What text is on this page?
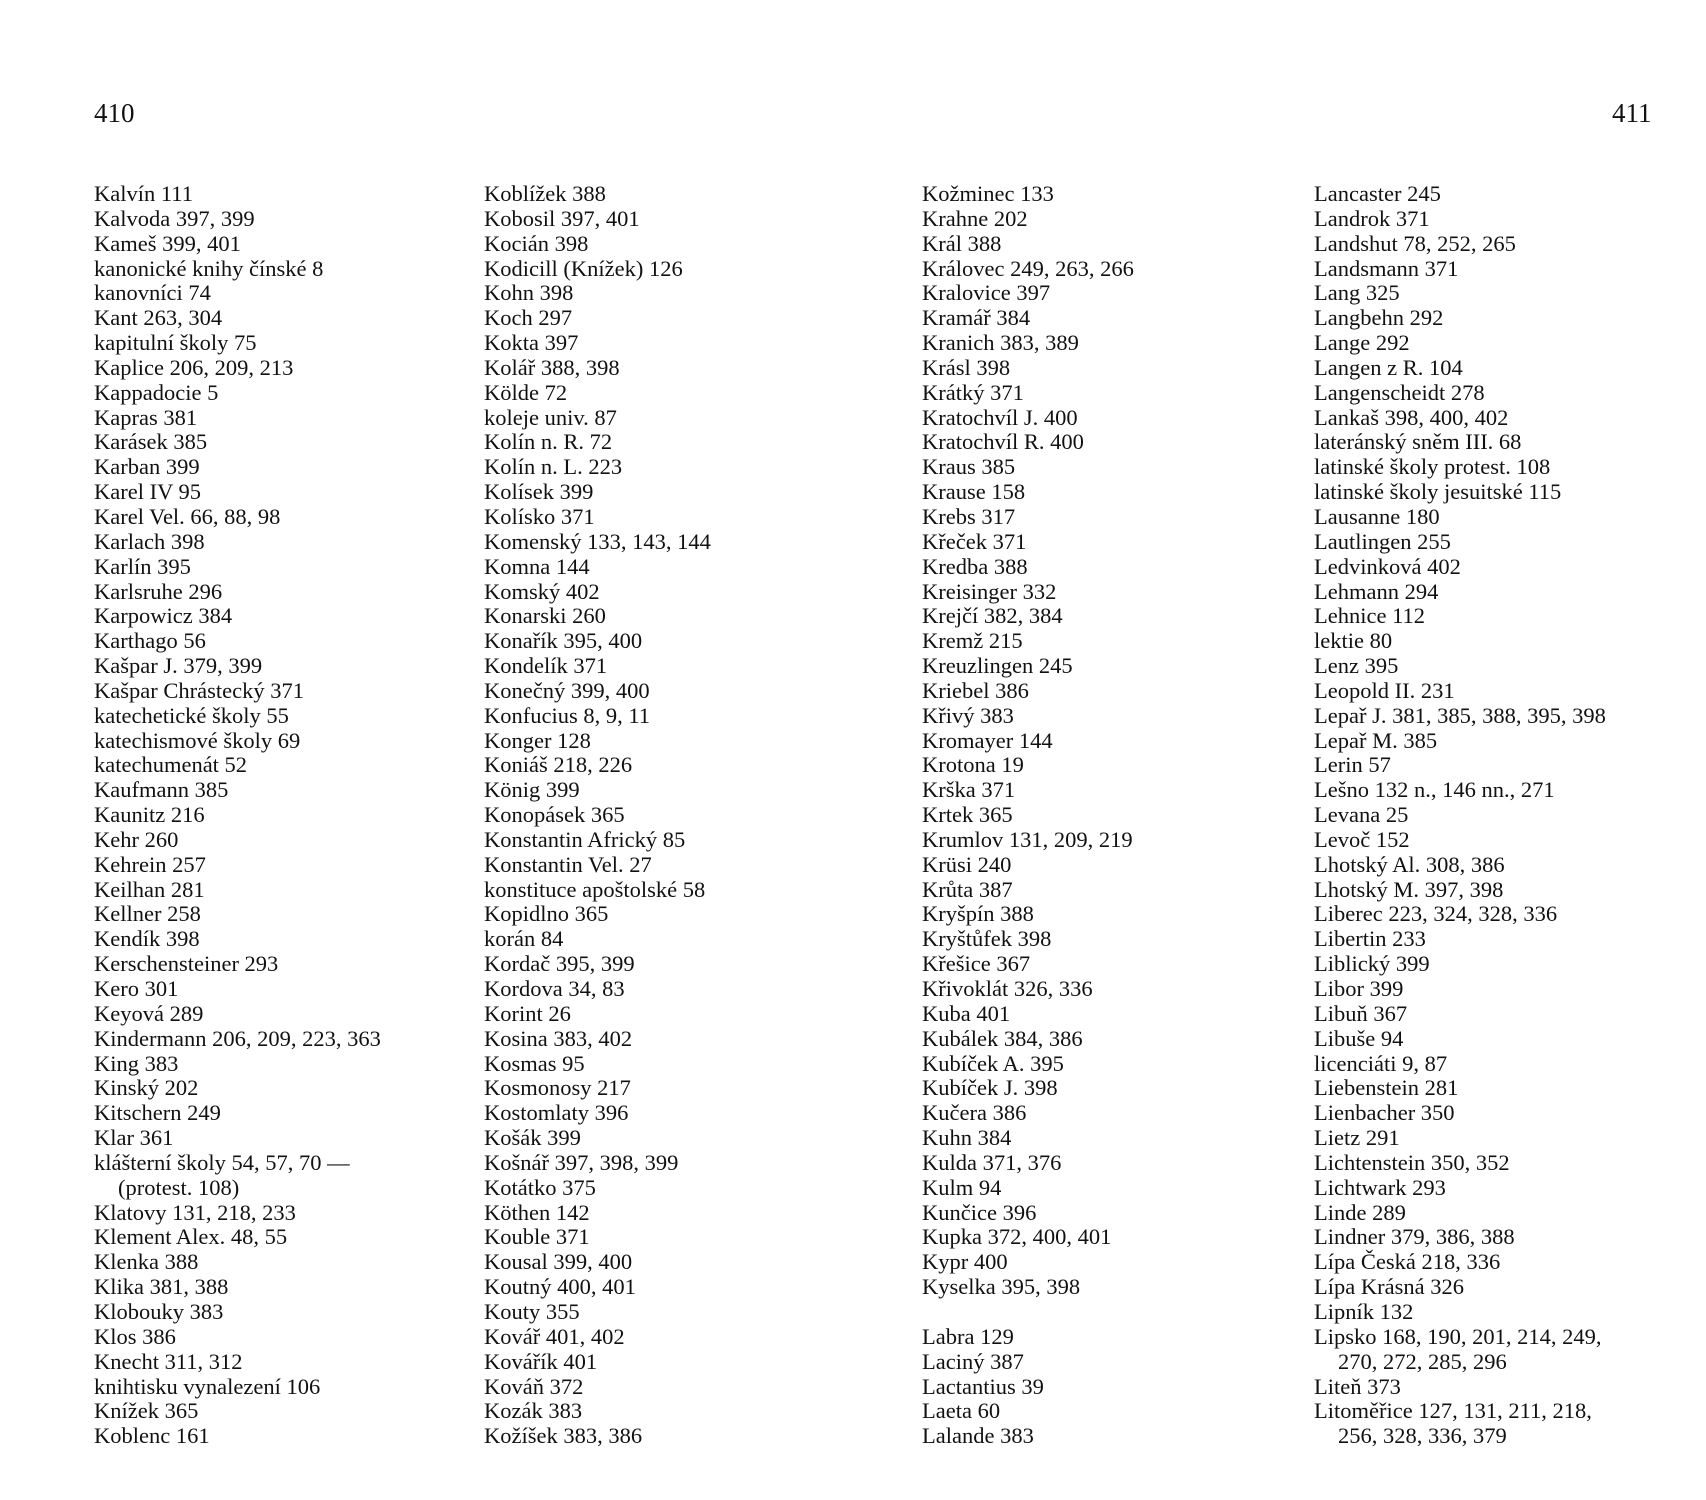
410	411
Kalvín 111
Kalvoda 397, 399
Kameš 399, 401
kanonické knihy čínské 8
kanovníci 74
Kant 263, 304
kapitulní školy 75
Kaplice 206, 209, 213
Kappadocie 5
Kapras 381
Karásek 385
Karban 399
Karel IV 95
Karel Vel. 66, 88, 98
Karlach 398
Karlín 395
Karlsruhe 296
Karpowicz 384
Karthago 56
Kašpar J. 379, 399
Kašpar Chrástecký 371
katechetické školy 55
katechismové školy 69
katechumenát 52
Kaufmann 385
Kaunitz 216
Kehr 260
Kehrein 257
Keilhan 281
Kellner 258
Kendík 398
Kerschensteiner 293
Kero 301
Keyová 289
Kindermann 206, 209, 223, 363
King 383
Kinský 202
Kitschern 249
Klar 361
klášterní školy 54, 57, 70 —
(protest. 108)
Klatovy 131, 218, 233
Klement Alex. 48, 55
Klenka 388
Klika 381, 388
Klobouky 383
Klos 386
Knecht 311, 312
knihtisku vynalezení 106
Knížek 365
Koblenc 161
Koblížek 388
Kobosil 397, 401
Kocián 398
Kodicill (Knížek) 126
Kohn 398
Koch 297
Kokta 397
Kolář 388, 398
Kölde 72
koleje univ. 87
Kolín n. R. 72
Kolín n. L. 223
Kolísek 399
Kolísko 371
Komenský 133, 143, 144
Komna 144
Komský 402
Konarski 260
Konařík 395, 400
Kondelík 371
Konečný 399, 400
Konfucius 8, 9, 11
Konger 128
Koniáš 218, 226
König 399
Konopásek 365
Konstantin Africký 85
Konstantin Vel. 27
konstituce apoštolské 58
Kopidlno 365
korán 84
Kordač 395, 399
Kordova 34, 83
Korint 26
Kosina 383, 402
Kosmas 95
Kosmonosy 217
Kostomlaty 396
Košák 399
Košnář 397, 398, 399
Kotátko 375
Köthen 142
Kouble 371
Kousal 399, 400
Koutný 400, 401
Kouty 355
Kovář 401, 402
Kovářík 401
Kováň 372
Kozák 383
Kožíšek 383, 386
Kožminec 133
Krahne 202
Král 388
Královec 249, 263, 266
Kralovice 397
Kramář 384
Kranich 383, 389
Krásl 398
Krátký 371
Kratochvíl J. 400
Kratochvíl R. 400
Kraus 385
Krause 158
Krebs 317
Křeček 371
Kredba 388
Kreisinger 332
Krejčí 382, 384
Kremž 215
Kreuzlingen 245
Kriebel 386
Křivý 383
Kromayer 144
Krotona 19
Krška 371
Krtek 365
Krumlov 131, 209, 219
Krüsi 240
Krůta 387
Kryšpín 388
Kryštůfek 398
Křešice 367
Křivoklát 326, 336
Kuba 401
Kubálek 384, 386
Kubíček A. 395
Kubíček J. 398
Kučera 386
Kuhn 384
Kulda 371, 376
Kulm 94
Kunčice 396
Kupka 372, 400, 401
Kypr 400
Kyselka 395, 398
Labra 129
Laciný 387
Lactantius 39
Laeta 60
Lalande 383
Lancaster 245
Landrok 371
Landshut 78, 252, 265
Landsmann 371
Lang 325
Langbehn 292
Lange 292
Langen z R. 104
Langenscheidt 278
Lankaš 398, 400, 402
lateránský sněm III. 68
latinské školy protest. 108
latinské školy jesuitské 115
Lausanne 180
Lautlingen 255
Ledvinková 402
Lehmann 294
Lehnice 112
lektie 80
Lenz 395
Leopold II. 231
Lepař J. 381, 385, 388, 395, 398
Lepař M. 385
Lerin 57
Lešno 132 n., 146 nn., 271
Levana 25
Levoč 152
Lhotský Al. 308, 386
Lhotský M. 397, 398
Liberec 223, 324, 328, 336
Libertin 233
Liblický 399
Libor 399
Libuň 367
Libuše 94
licenciáti 9, 87
Liebenstein 281
Lienbacher 350
Lietz 291
Lichtenstein 350, 352
Lichtwark 293
Linde 289
Lindner 379, 386, 388
Lípa Česká 218, 336
Lípa Krásná 326
Lipník 132
Lipsko 168, 190, 201, 214, 249,
270, 272, 285, 296
Liteň 373
Litoměřice 127, 131, 211, 218,
256, 328, 336, 379
